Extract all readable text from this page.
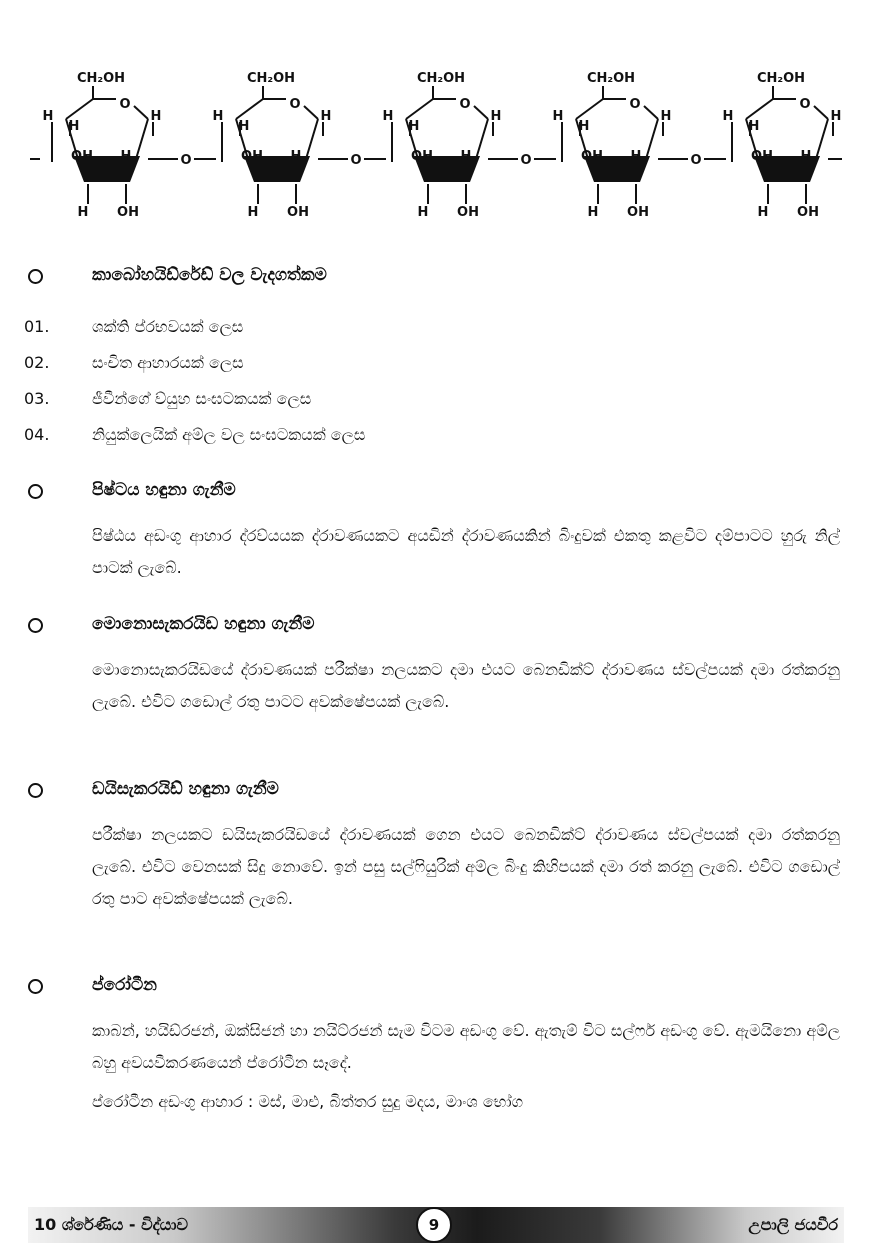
CH₂OH
O
H
H
H
OH H
H OH
O
CH₂OH
O
H
H
H
OH H
H OH
O
CH₂OH
O
H
H
H
OH H
H OH
O
CH₂OH
O
H
H
H
OH H
H OH
O
CH₂OH
O
H
H
H
OH H
H OH
කාබෝහයිඩ්රේඩ් වල වැදගත්කම
01.	ශක්ති ප්රභවයක් ලෙස
02.	සංචිත ආහාරයක් ලෙස
03.	ජීවීන්ගේ ව්යුහ සංඝටකයක් ලෙස
04.	නියුක්ලෙයික් අම්ල වල සංඝටකයක් ලෙස
පිෂ්ටය හඳුනා ගැනීම
පිෂ්ඨය අඩංගු ආහාර ද්රව්යයක ද්රාවණයකට අයඩින් ද්රාවණයකින් බිංදුවක් එකතු කළවිට දම්පාටට හුරු නිල් පාටක් ලැබේ.
මොනොසැකරයිඩ හඳුනා ගැනීම
මොනොසැකරයිඩයේ ද්රාවණයක් පරීක්ෂා නලයකට දමා එයට බෙනඩික්ට් ද්රාවණය ස්වල්පයක් දමා රත්කරනු ලැබේ. එවිට ගඩොල් රතු පාටට අවක්ෂේපයක් ලැබේ.
ඩයිසැකරයිඩ් හඳුනා ගැනීම
පරීක්ෂා නලයකට ඩයිසැකරයිඩයේ ද්රාවණයක් ගෙන එයට බෙනඩික්ට් ද්රාවණය ස්වල්පයක් දමා රත්කරනු ලැබේ. එවිට වෙනසක් සිදු නොවේ. ඉන් පසු සල්ෆියුරික් අම්ල බිංදු කිහිපයක් දමා රත් කරනු ලැබේ. එවිට ගඩොල් රතු පාට අවක්ෂේපයක් ලැබේ.
ප්රෝටීන
කාබන්, හයිඩ්රජන්, ඔක්සිජන් හා නයිට්රජන් සැම විටම අඩංගු වේ. ඇතැම් විට සල්ෆර් අඩංගු වේ. ඇමයිනො අම්ල බහු අවයවීකරණයෙන් ප්රෝටීන සෑදේ.
ප්රෝටීන අඩංගු ආහාර : මස්, මාළු, බිත්තර සුදු මදය, මාංශ භෝග
10 ශ්රේණිය - විද්යාව	9	උපාලි ජයවීර
